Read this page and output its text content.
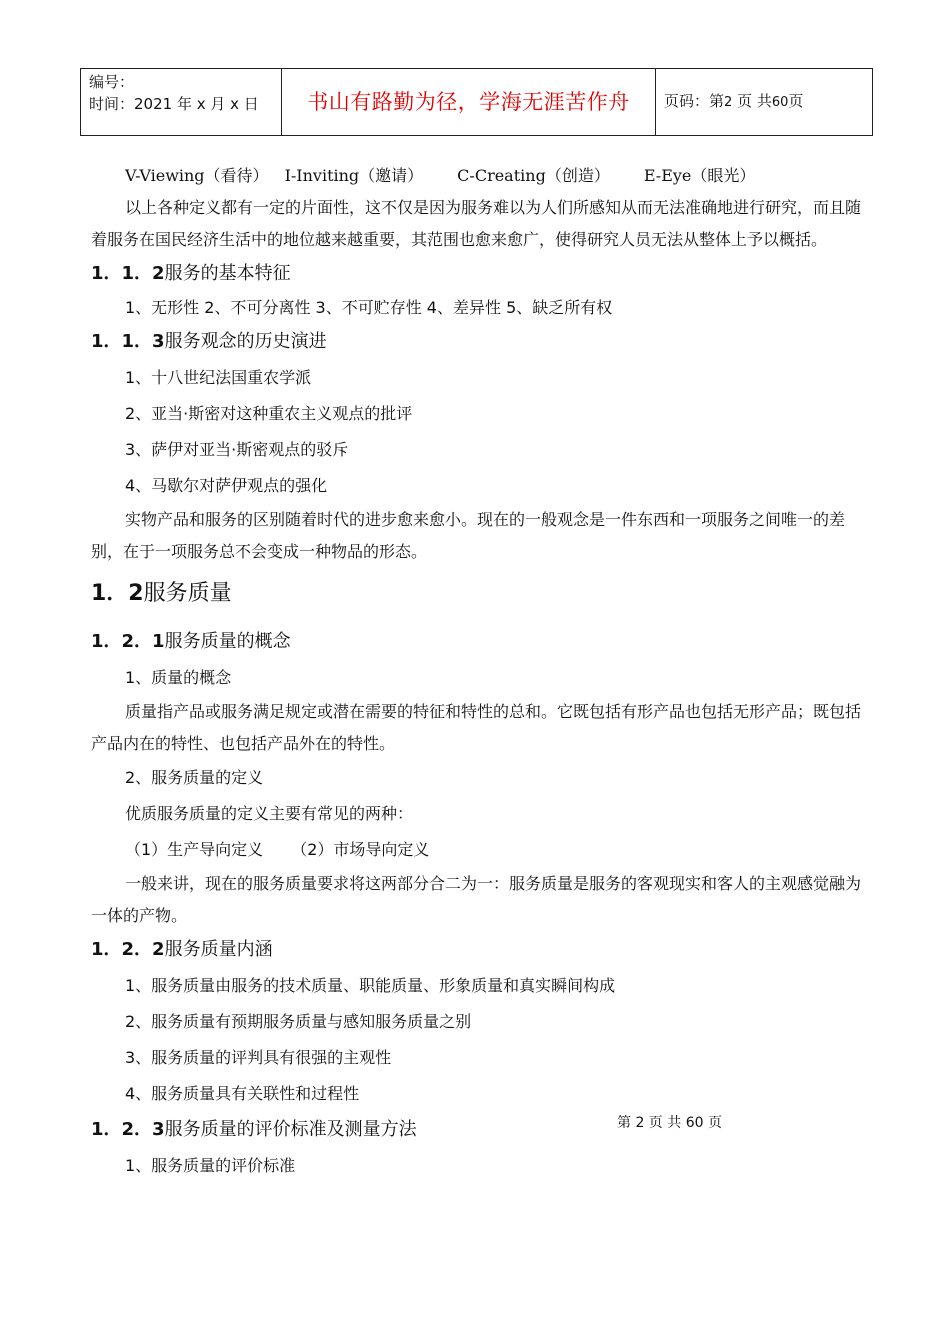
编号：
时间：2021 年 x 月 x 日	书山有路勤为径，学海无涯苦作舟	页码：第2 页 共60页

V-Viewing（看待） I-Inviting（邀请） C-Creating（创造） E-Eye（眼光）

以上各种定义都有一定的片面性，这不仅是因为服务难以为人们所感知从而无法准确地进行研究，而且随着服务在国民经济生活中的地位越来越重要，其范围也愈来愈广，使得研究人员无法从整体上予以概括。

1．1．2服务的基本特征

1、无形性 2、不可分离性 3、不可贮存性 4、差异性 5、缺乏所有权

1．1．3服务观念的历史演进

1、十八世纪法国重农学派

2、亚当·斯密对这种重农主义观点的批评

3、萨伊对亚当·斯密观点的驳斥

4、马歇尔对萨伊观点的强化

实物产品和服务的区别随着时代的进步愈来愈小。现在的一般观念是一件东西和一项服务之间唯一的差别，在于一项服务总不会变成一种物品的形态。

1．2服务质量
1．2．1服务质量的概念

1、质量的概念

质量指产品或服务满足规定或潜在需要的特征和特性的总和。它既包括有形产品也包括无形产品；既包括产品内在的特性、也包括产品外在的特性。

2、服务质量的定义

优质服务质量的定义主要有常见的两种：

（1）生产导向定义 （2）市场导向定义

一般来讲，现在的服务质量要求将这两部分合二为一：服务质量是服务的客观现实和客人的主观感觉融为一体的产物。

1．2．2服务质量内涵

1、服务质量由服务的技术质量、职能质量、形象质量和真实瞬间构成

2、服务质量有预期服务质量与感知服务质量之别

3、服务质量的评判具有很强的主观性

4、服务质量具有关联性和过程性

1．2．3服务质量的评价标准及测量方法

1、服务质量的评价标准

第 2 页 共 60 页
